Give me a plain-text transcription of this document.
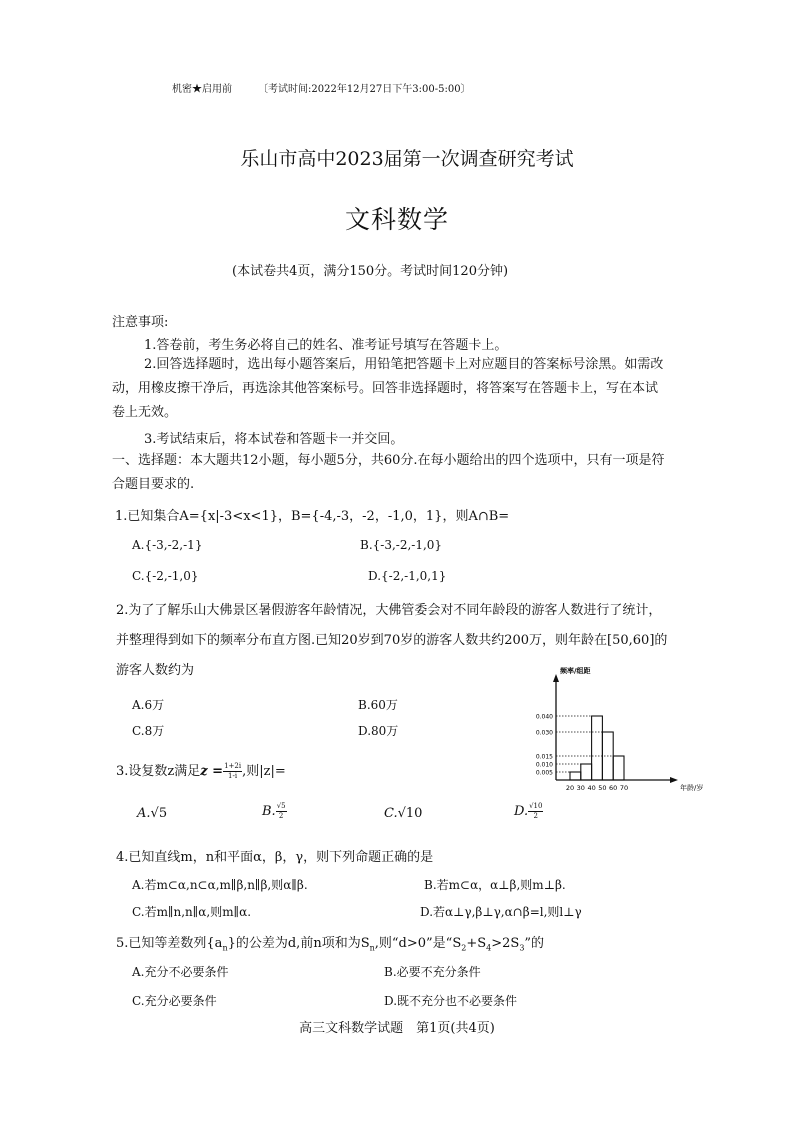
机密★启用前	〔考试时间:2022年12月27日下午3:00-5:00〕
乐山市高中2023届第一次调查研究考试
文科数学
(本试卷共4页，满分150分。考试时间120分钟)
注意事项:
1.答卷前，考生务必将自己的姓名、准考证号填写在答题卡上。
2.回答选择题时，选出每小题答案后，用铅笔把答题卡上对应题目的答案标号涂黑。如需改
动，用橡皮擦干净后，再选涂其他答案标号。回答非选择题时，将答案写在答题卡上，写在本试
卷上无效。
3.考试结束后，将本试卷和答题卡一并交回。
一、选择题：本大题共12小题，每小题5分，共60分.在每小题给出的四个选项中，只有一项是符
合题目要求的.
1.已知集合A={x|-3<x<1}，B={-4,-3，-2，-1,0，1}，则A∩B=
A.{-3,-2,-1}	B.{-3,-2,-1,0}
C.{-2,-1,0}	D.{-2,-1,0,1}
2.为了了解乐山大佛景区暑假游客年龄情况，大佛管委会对不同年龄段的游客人数进行了统计，
并整理得到如下的频率分布直方图.已知20岁到70岁的游客人数共约200万，则年龄在[50,60]的
游客人数约为
A.6万	B.60万
C.8万	D.80万
频率/组距
年龄/岁
0.040
0.030
0.015
0.010
0.005
20 30 40 50 60 70
3.设复数z满足$z = \frac{1+2i}{1-i}$ ,则|z|=
A.√5	B. $\frac{√5}{2}$	C.√10	D. $\frac{√10}{2}$
4.已知直线m，n和平面α，β，γ，则下列命题正确的是
A.若m⊂α,n⊂α,m∥β,n∥β,则α∥β.	B.若m⊂α，α⊥β,则m⊥β.
C.若m∥n,n∥α,则m∥α.	D.若α⊥γ,β⊥γ,α∩β=l,则l⊥γ
5.已知等差数列$\{a_n\}$的公差为d,前n项和为$S_n$,则“d>0”是“$S_2+S_4>2S_3$”的
A.充分不必要条件	B.必要不充分条件
C.充分必要条件	D.既不充分也不必要条件
高三文科数学试题　第1页(共4页)
